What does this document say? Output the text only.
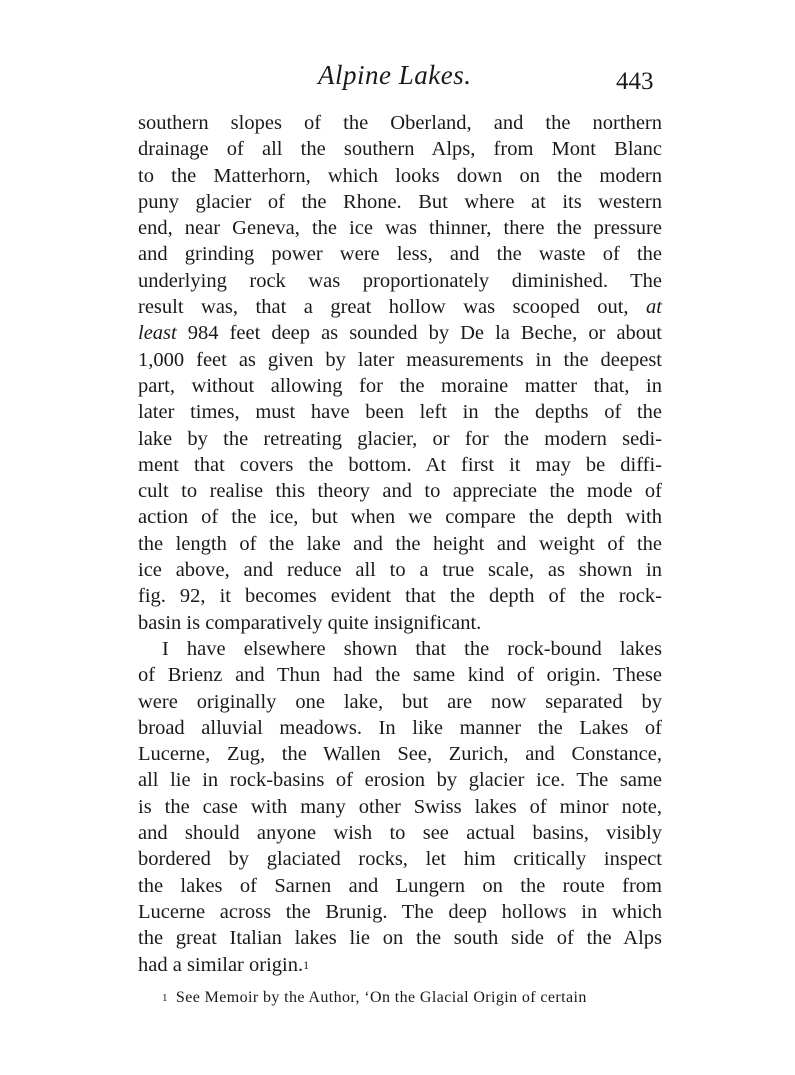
Alpine Lakes.	443
southern slopes of the Oberland, and the northern
drainage of all the southern Alps, from Mont Blanc
to the Matterhorn, which looks down on the modern
puny glacier of the Rhone. But where at its western
end, near Geneva, the ice was thinner, there the pressure
and grinding power were less, and the waste of the
underlying rock was proportionately diminished. The
result was, that a great hollow was scooped out, at
least 984 feet deep as sounded by De la Beche, or about
1,000 feet as given by later measurements in the deepest
part, without allowing for the moraine matter that, in
later times, must have been left in the depths of the
lake by the retreating glacier, or for the modern sedi-
ment that covers the bottom. At first it may be diffi-
cult to realise this theory and to appreciate the mode of
action of the ice, but when we compare the depth with
the length of the lake and the height and weight of the
ice above, and reduce all to a true scale, as shown in
fig. 92, it becomes evident that the depth of the rock-
basin is comparatively quite insignificant.
I have elsewhere shown that the rock-bound lakes
of Brienz and Thun had the same kind of origin. These
were originally one lake, but are now separated by
broad alluvial meadows. In like manner the Lakes of
Lucerne, Zug, the Wallen See, Zurich, and Constance,
all lie in rock-basins of erosion by glacier ice. The same
is the case with many other Swiss lakes of minor note,
and should anyone wish to see actual basins, visibly
bordered by glaciated rocks, let him critically inspect
the lakes of Sarnen and Lungern on the route from
Lucerne across the Brunig. The deep hollows in which
the great Italian lakes lie on the south side of the Alps
had a similar origin.$^1$
$^1$ See Memoir by the Author, ‘On the Glacial Origin of certain
